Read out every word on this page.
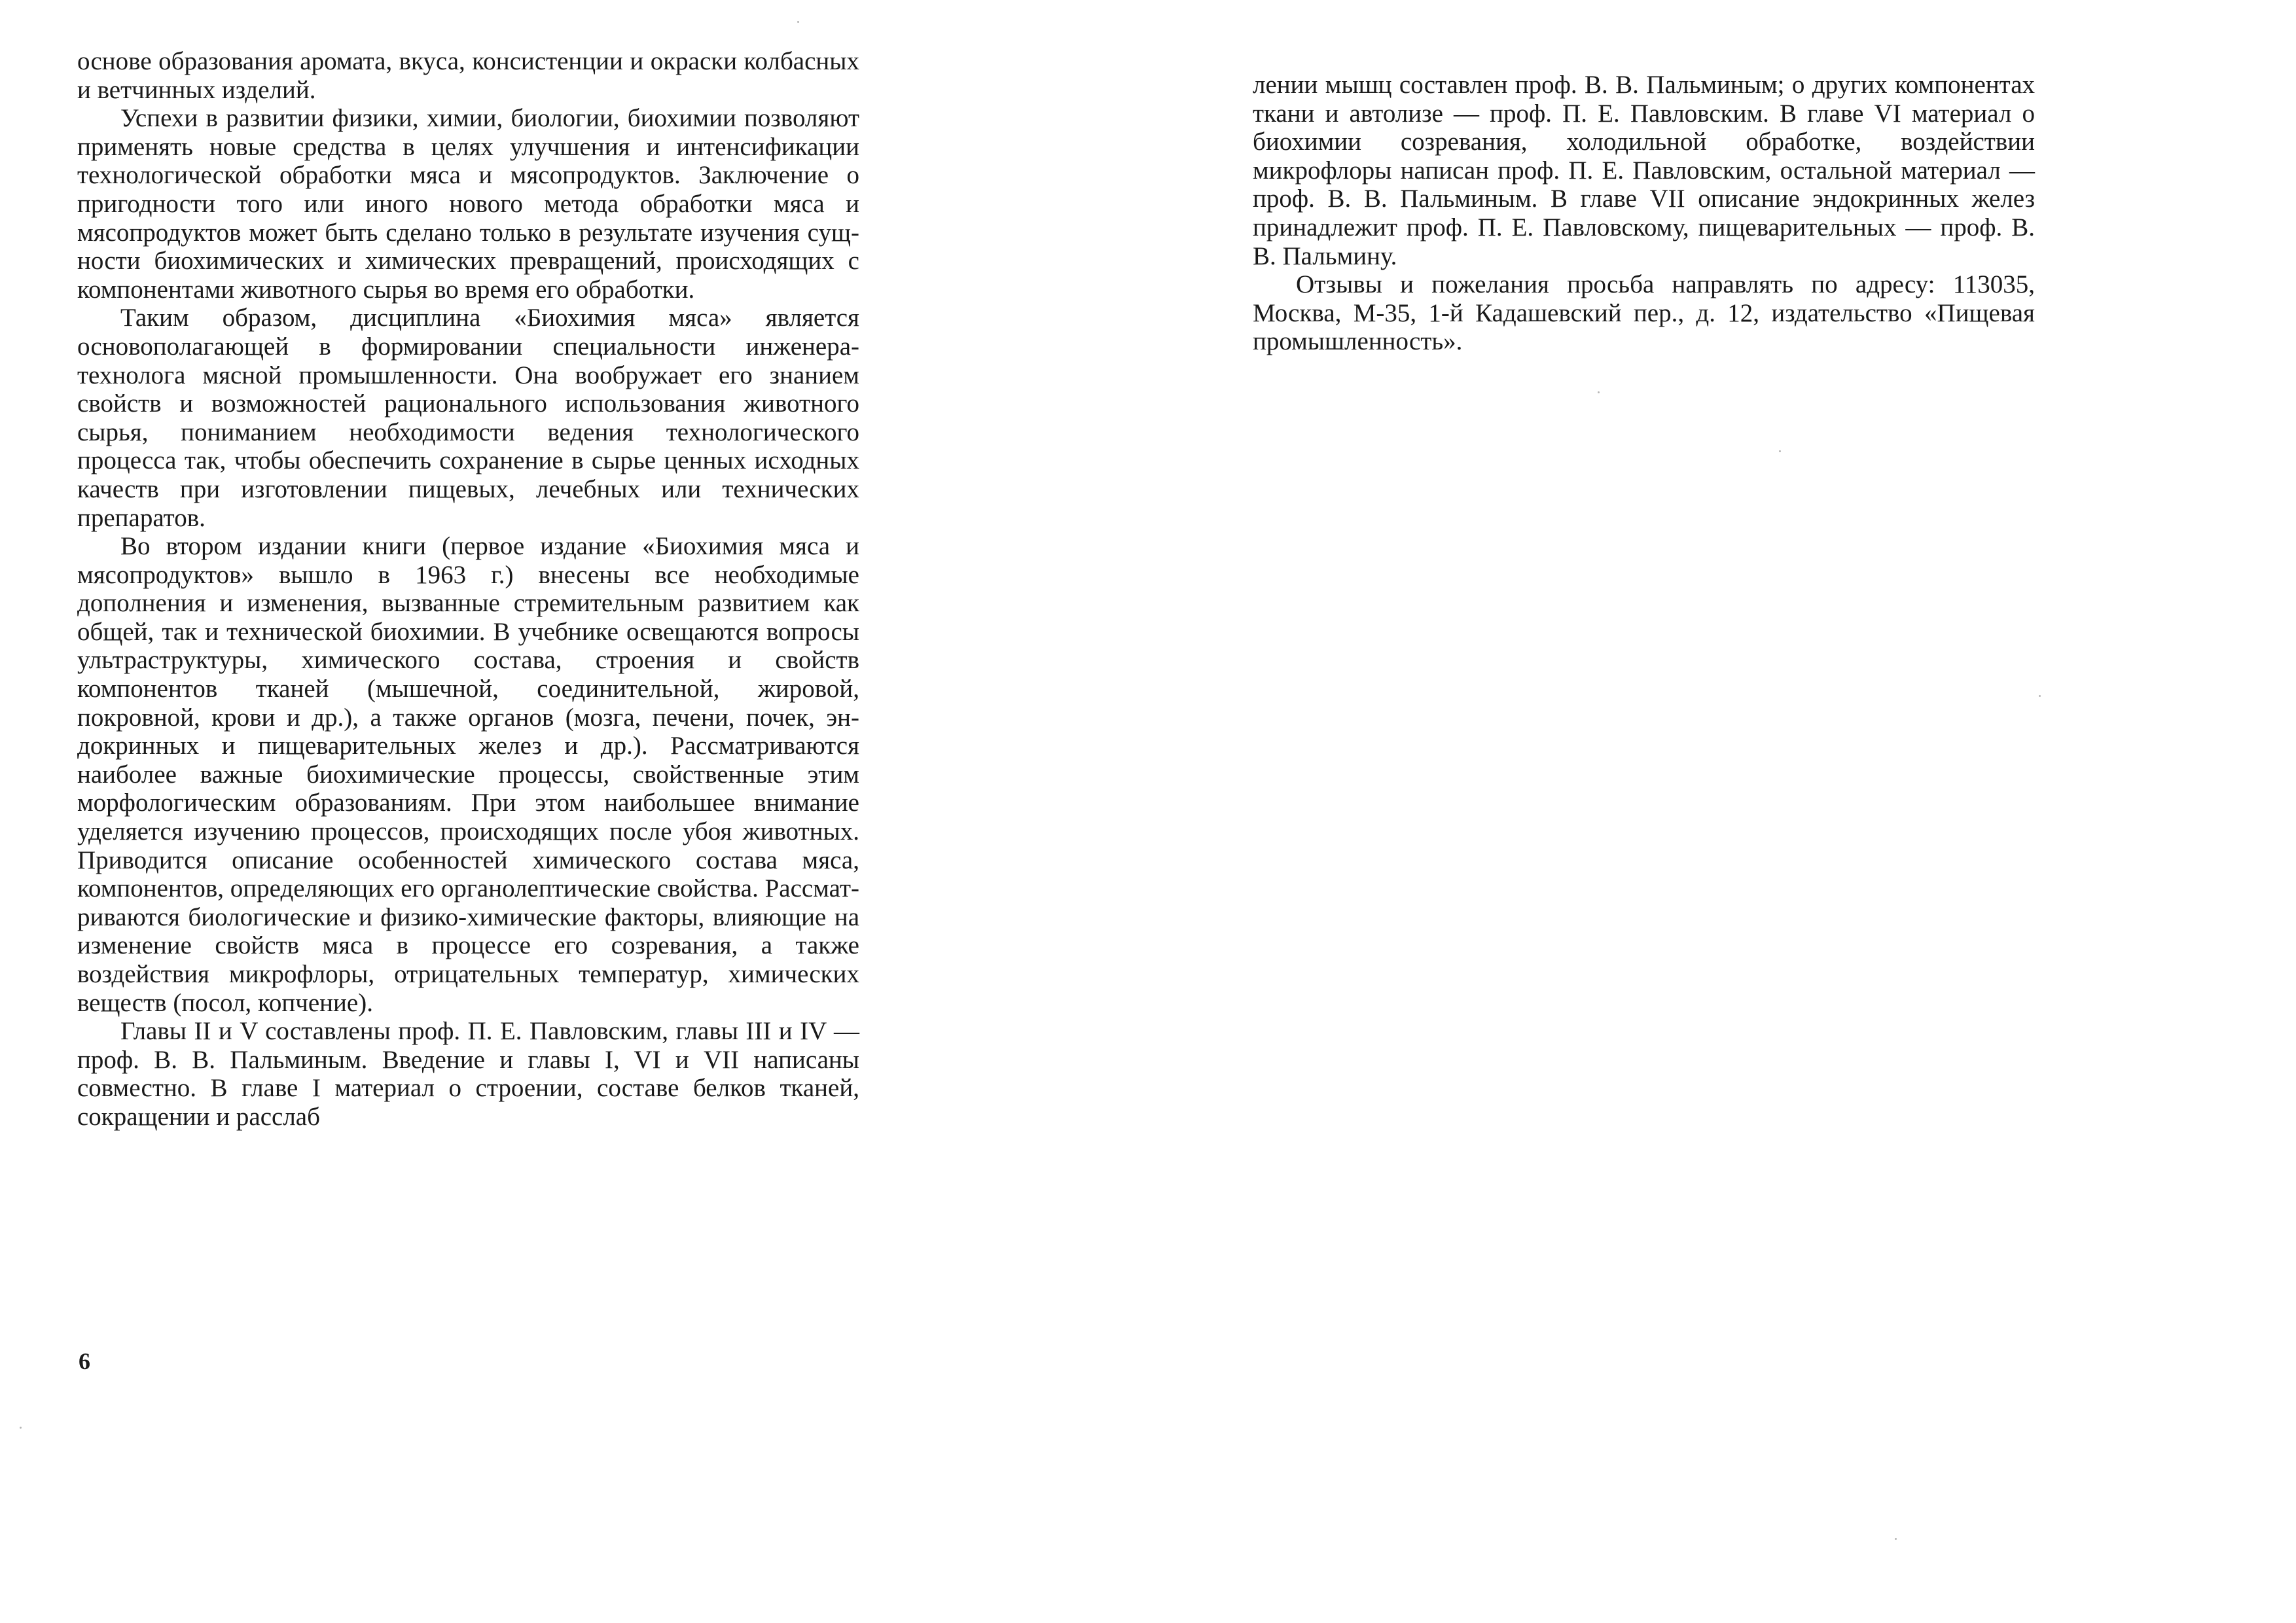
основе образования аромата, вкуса, консистенции и окраски колбасных и ветчинных изделий.

Успехи в развитии физики, химии, биологии, биохимии позволяют применять новые средства в целях улучшения и интенсификации технологической обработки мяса и мясопродуктов. Заключение о пригодности того или иного нового метода обработки мяса и мясопродуктов может быть сделано только в результате изучения сущности биохимических и химических превращений, происходящих с компонентами животного сырья во время его обработки.

Таким образом, дисциплина «Биохимия мяса» является основополагающей в формировании специальности инженера-технолога мясной промышленности. Она вообружает его знанием свойств и возможностей рационального использования животного сырья, пониманием необходимости ведения технологического процесса так, чтобы обеспечить сохранение в сырье ценных исходных качеств при изготовлении пищевых, лечебных или технических препаратов.

Во втором издании книги (первое издание «Биохимия мяса и мясопродуктов» вышло в 1963 г.) внесены все необходимые дополнения и изменения, вызванные стремительным развитием как общей, так и технической биохимии. В учебнике освещаются вопросы ультраструктуры, химического состава, строения и свойств компонентов тканей (мышечной, соединительной, жировой, покровной, крови и др.), а также органов (мозга, печени, почек, эндокринных и пищеварительных желез и др.). Рассматриваются наиболее важные биохимические процессы, свойственные этим морфологическим образованиям. При этом наибольшее внимание уделяется изучению процессов, происходящих после убоя животных. Приводится описание особенностей химического состава мяса, компонентов, определяющих его органолептические свойства. Рассматриваются биологические и физико-химические факторы, влияющие на изменение свойств мяса в процессе его созревания, а также воздействия микрофлоры, отрицательных температур, химических веществ (посол, копчение).

Главы II и V составлены проф. П. Е. Павловским, главы III и IV — проф. В. В. Пальминым. Введение и главы I, VI и VII написаны совместно. В главе I материал о строении, составе белков тканей, сокращении и расслаб

6

лении мышц составлен проф. В. В. Пальминым; о других компонентах ткани и автолизе — проф. П. Е. Павловским. В главе VI материал о биохимии созревания, холодильной обработке, воздействии микрофлоры написан проф. П. Е. Павловским, остальной материал — проф. В. В. Пальминым. В главе VII описание эндокринных желез принадлежит проф. П. Е. Павловскому, пищеварительных — проф. В. В. Пальмину.

Отзывы и пожелания просьба направлять по адресу: 113035, Москва, М-35, 1-й Кадашевский пер., д. 12, издательство «Пищевая промышленность».
